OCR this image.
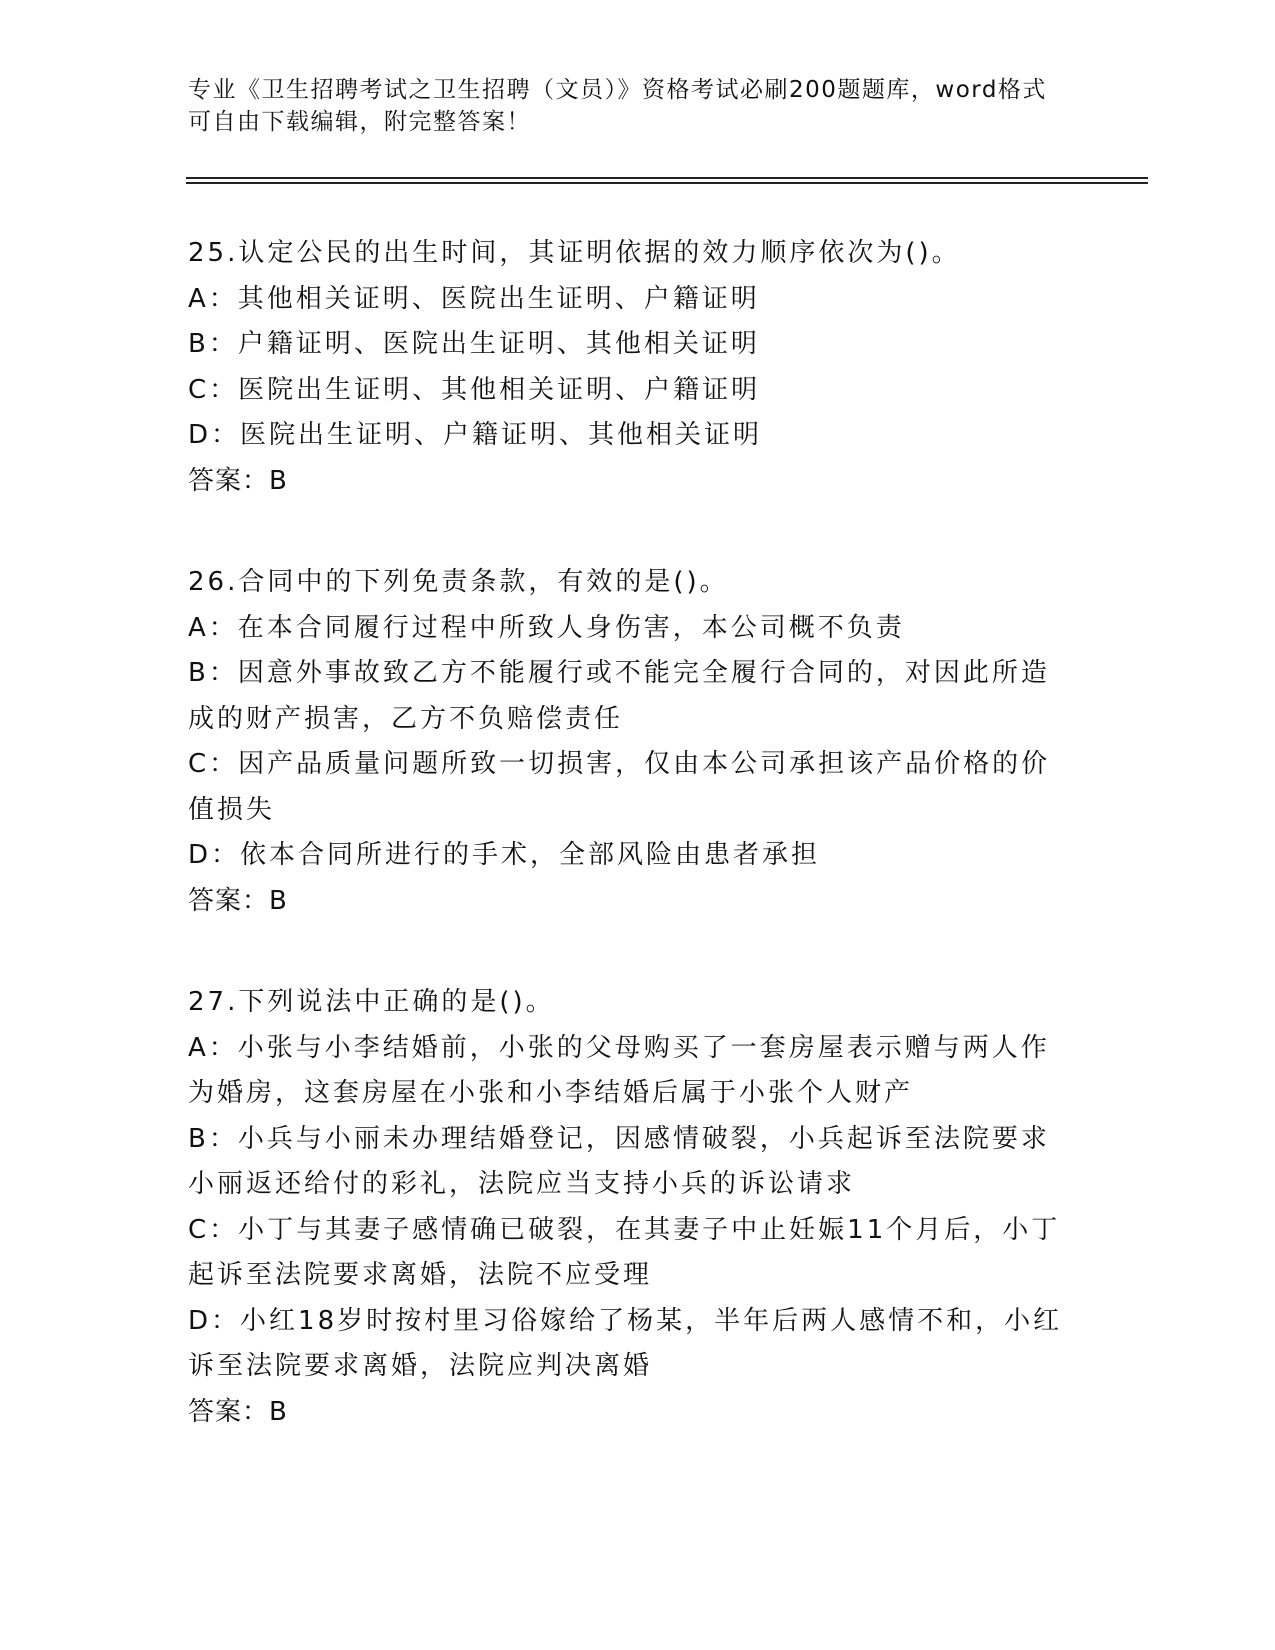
专业《卫生招聘考试之卫生招聘（文员）》资格考试必刷200题题库，word格式
可自由下载编辑，附完整答案！

25.认定公民的出生时间，其证明依据的效力顺序依次为()。

A：其他相关证明、医院出生证明、户籍证明

B：户籍证明、医院出生证明、其他相关证明

C：医院出生证明、其他相关证明、户籍证明

D：医院出生证明、户籍证明、其他相关证明

答案：B

26.合同中的下列免责条款，有效的是()。

A：在本合同履行过程中所致人身伤害，本公司概不负责

B：因意外事故致乙方不能履行或不能完全履行合同的，对因此所造成的财产损害，乙方不负赔偿责任

C：因产品质量问题所致一切损害，仅由本公司承担该产品价格的价值损失

D：依本合同所进行的手术，全部风险由患者承担

答案：B

27.下列说法中正确的是()。

A：小张与小李结婚前，小张的父母购买了一套房屋表示赠与两人作为婚房，这套房屋在小张和小李结婚后属于小张个人财产

B：小兵与小丽未办理结婚登记，因感情破裂，小兵起诉至法院要求小丽返还给付的彩礼，法院应当支持小兵的诉讼请求

C：小丁与其妻子感情确已破裂，在其妻子中止妊娠11个月后，小丁起诉至法院要求离婚，法院不应受理

D：小红18岁时按村里习俗嫁给了杨某，半年后两人感情不和，小红诉至法院要求离婚，法院应判决离婚

答案：B
